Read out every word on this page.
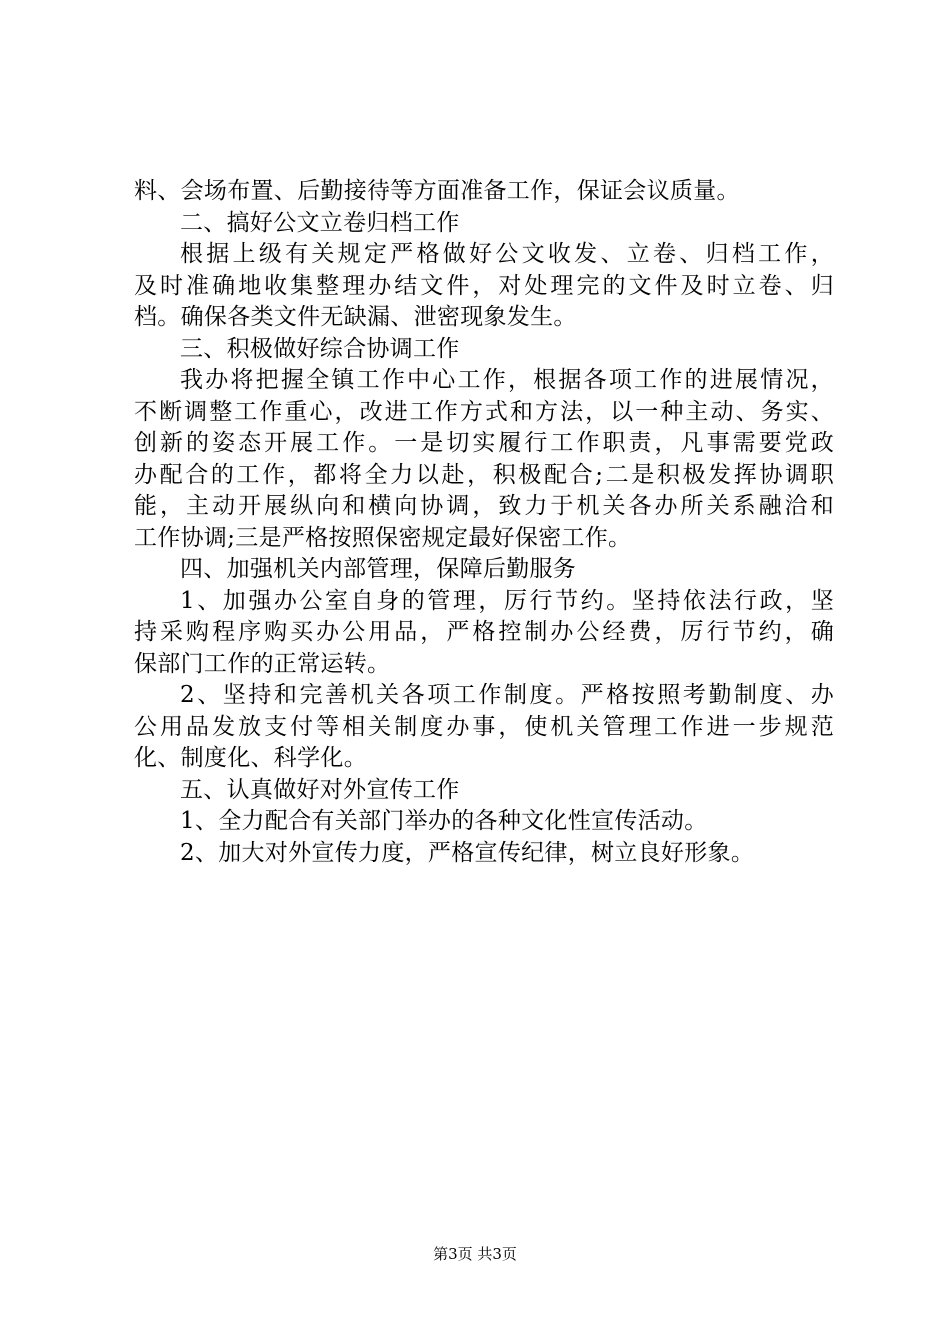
料、会场布置、后勤接待等方面准备工作，保证会议质量。
二、搞好公文立卷归档工作
根据上级有关规定严格做好公文收发、立卷、归档工作，
及时准确地收集整理办结文件，对处理完的文件及时立卷、归
档。确保各类文件无缺漏、泄密现象发生。
三、积极做好综合协调工作
我办将把握全镇工作中心工作，根据各项工作的进展情况，
不断调整工作重心，改进工作方式和方法，以一种主动、务实、
创新的姿态开展工作。一是切实履行工作职责，凡事需要党政
办配合的工作，都将全力以赴，积极配合;二是积极发挥协调职
能，主动开展纵向和横向协调，致力于机关各办所关系融洽和
工作协调;三是严格按照保密规定最好保密工作。
四、加强机关内部管理，保障后勤服务
1、加强办公室自身的管理，厉行节约。坚持依法行政，坚
持采购程序购买办公用品，严格控制办公经费，厉行节约，确
保部门工作的正常运转。
2、坚持和完善机关各项工作制度。严格按照考勤制度、办
公用品发放支付等相关制度办事，使机关管理工作进一步规范
化、制度化、科学化。
五、认真做好对外宣传工作
1、全力配合有关部门举办的各种文化性宣传活动。
2、加大对外宣传力度，严格宣传纪律，树立良好形象。
第3页 共3页
